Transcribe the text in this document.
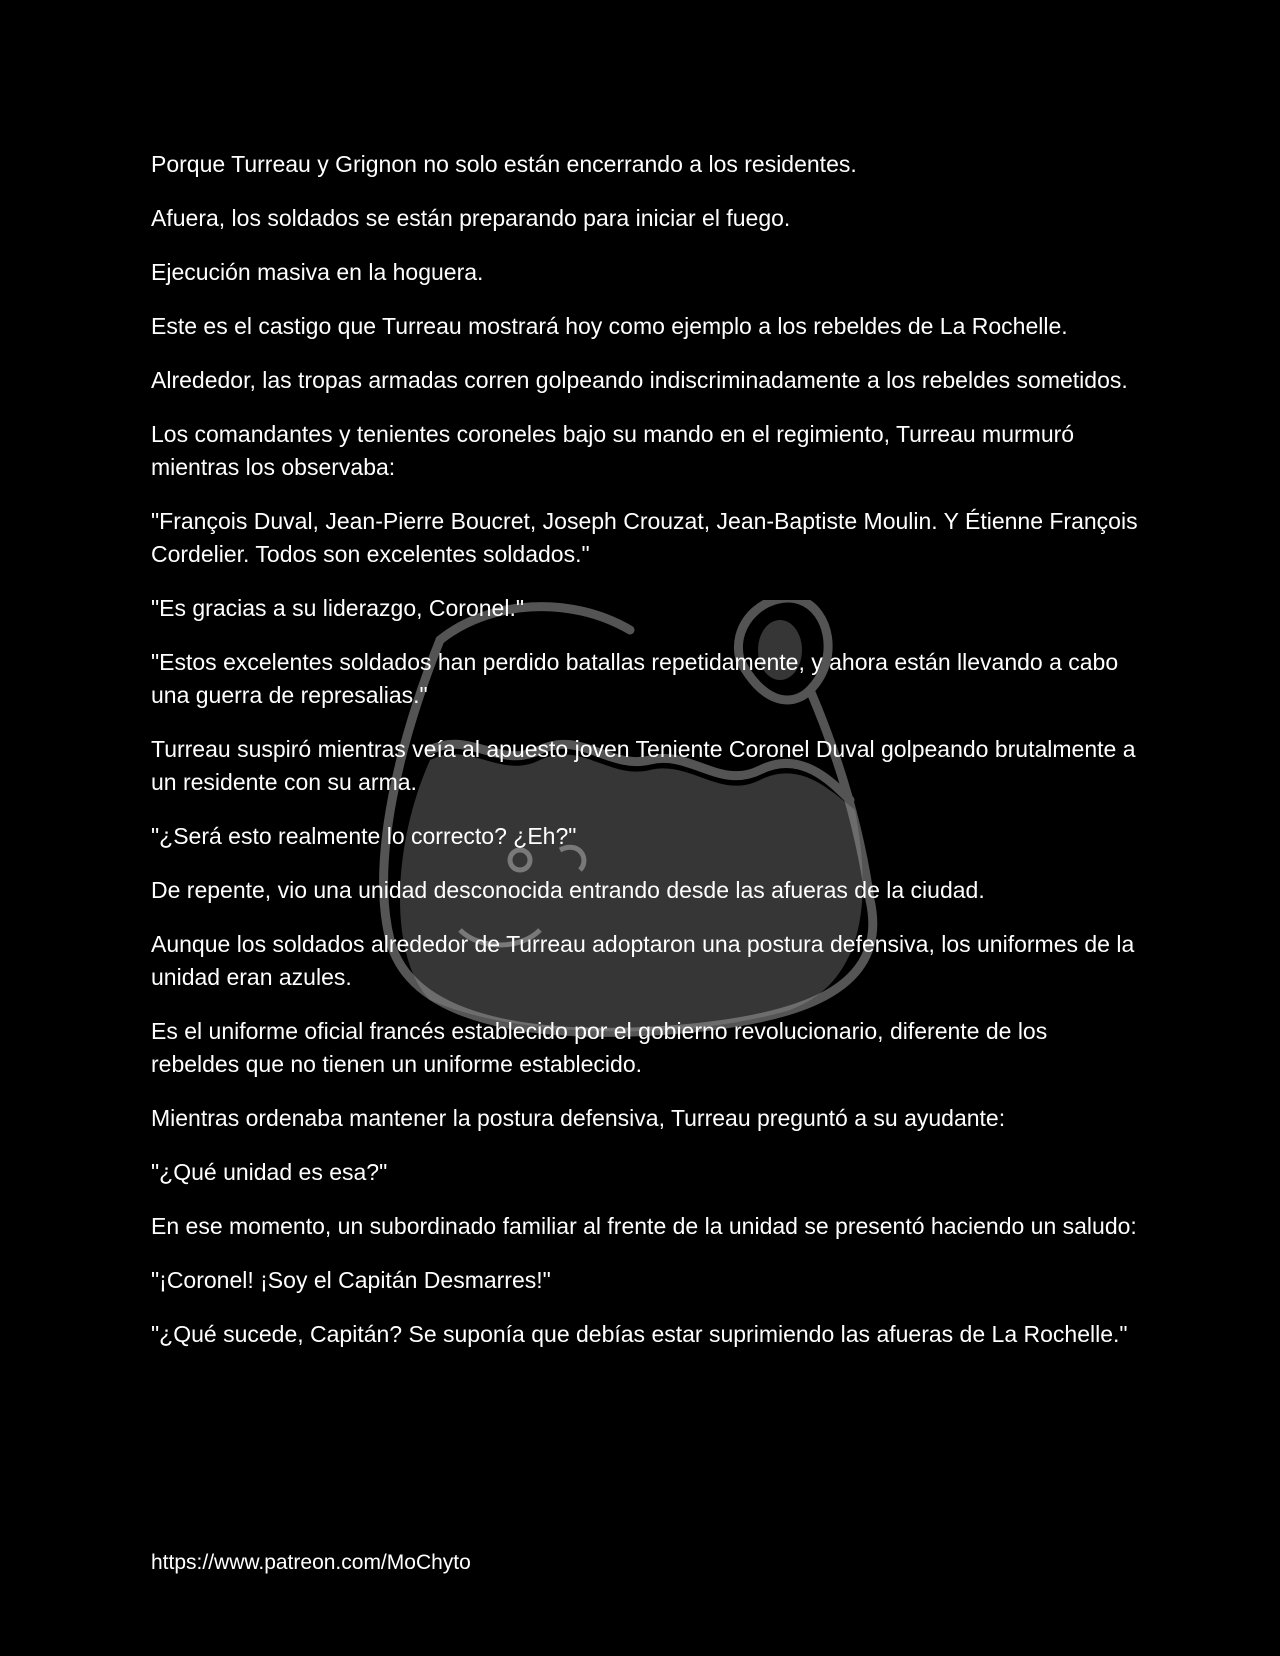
Porque Turreau y Grignon no solo están encerrando a los residentes.

Afuera, los soldados se están preparando para iniciar el fuego.

Ejecución masiva en la hoguera.

Este es el castigo que Turreau mostrará hoy como ejemplo a los rebeldes de La Rochelle.

Alrededor, las tropas armadas corren golpeando indiscriminadamente a los rebeldes sometidos.

Los comandantes y tenientes coroneles bajo su mando en el regimiento, Turreau murmuró mientras los observaba:

"François Duval, Jean-Pierre Boucret, Joseph Crouzat, Jean-Baptiste Moulin. Y Étienne François Cordelier. Todos son excelentes soldados."

"Es gracias a su liderazgo, Coronel."

"Estos excelentes soldados han perdido batallas repetidamente, y ahora están llevando a cabo una guerra de represalias."

Turreau suspiró mientras veía al apuesto joven Teniente Coronel Duval golpeando brutalmente a un residente con su arma.

"¿Será esto realmente lo correcto? ¿Eh?"

De repente, vio una unidad desconocida entrando desde las afueras de la ciudad.

Aunque los soldados alrededor de Turreau adoptaron una postura defensiva, los uniformes de la unidad eran azules.

Es el uniforme oficial francés establecido por el gobierno revolucionario, diferente de los rebeldes que no tienen un uniforme establecido.

Mientras ordenaba mantener la postura defensiva, Turreau preguntó a su ayudante:

"¿Qué unidad es esa?"

En ese momento, un subordinado familiar al frente de la unidad se presentó haciendo un saludo:

"¡Coronel! ¡Soy el Capitán Desmarres!"

"¿Qué sucede, Capitán? Se suponía que debías estar suprimiendo las afueras de La Rochelle."

https://www.patreon.com/MoChyto
